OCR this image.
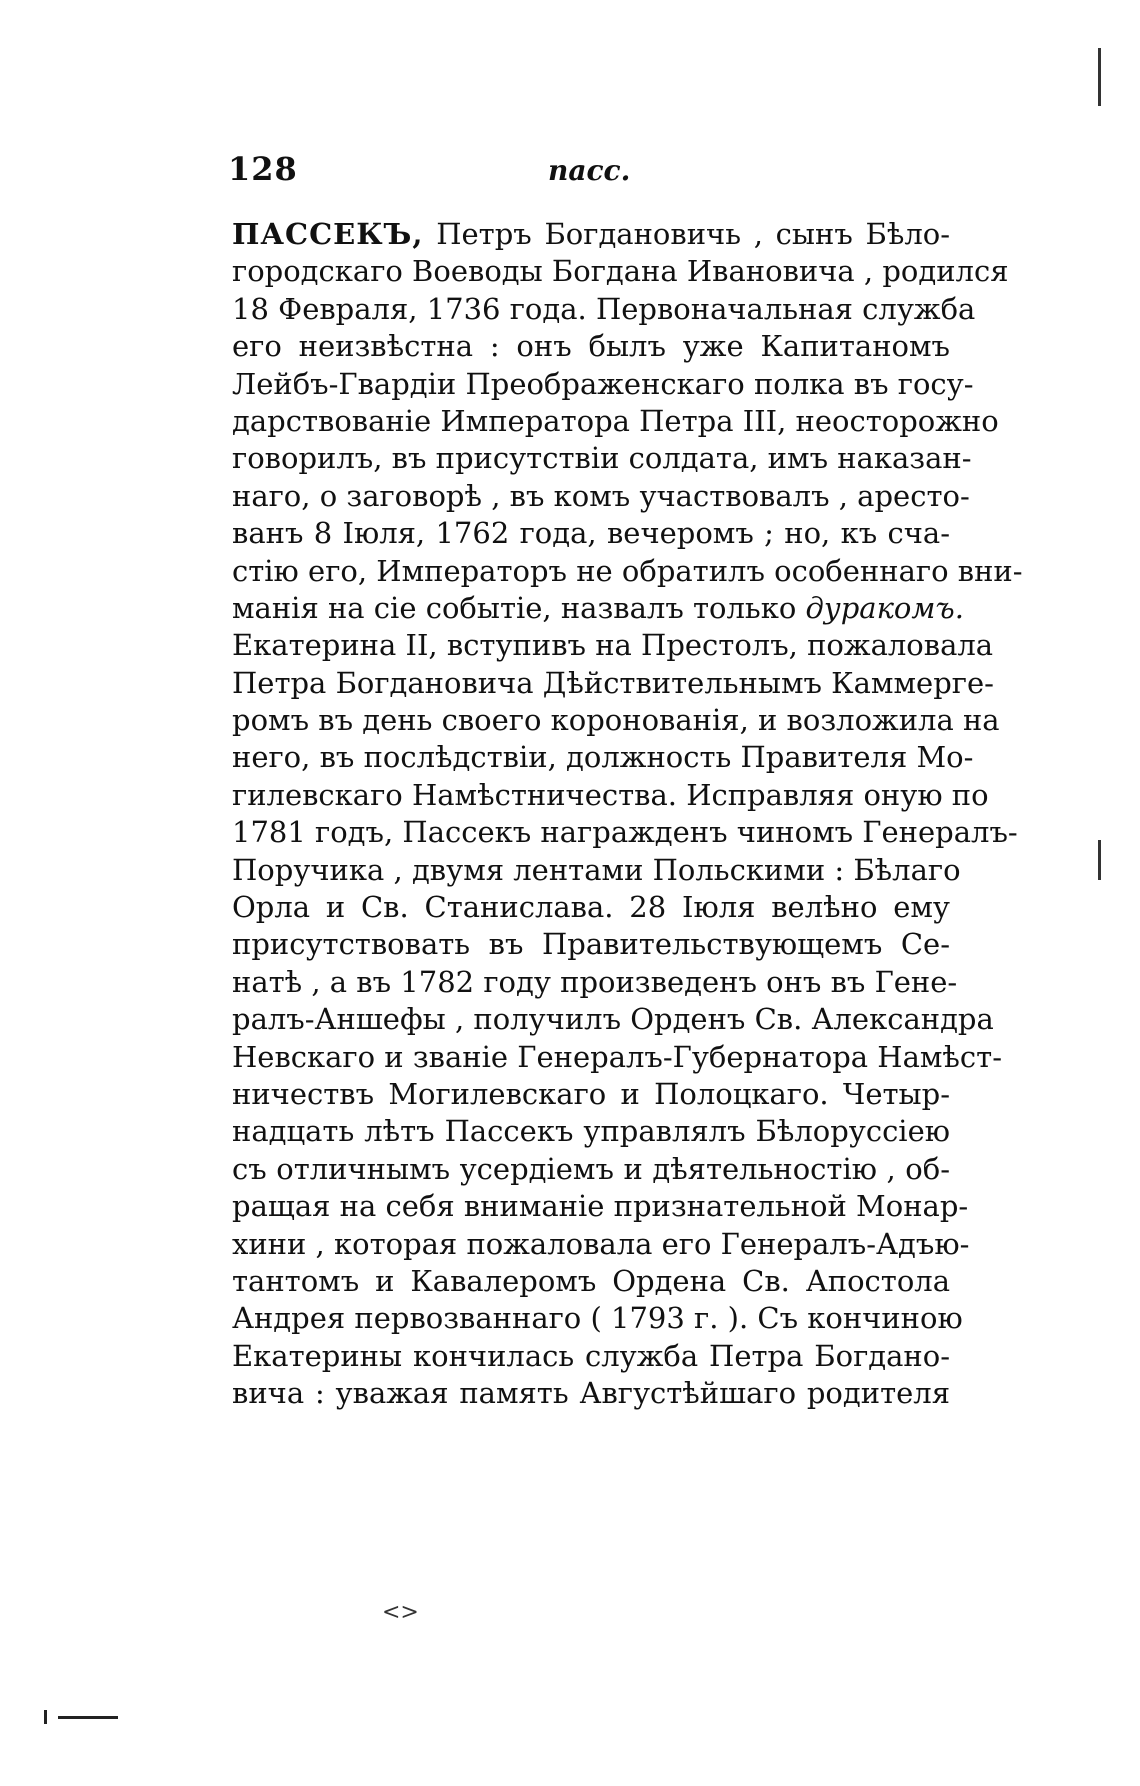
128	пасс.
ПАССЕКЪ, Петръ Богдановичь , сынъ Бѣло-
городскаго Воеводы Богдана Ивановича , родился
18 Февраля, 1736 года. Первоначальная служба
его неизвѣстна : онъ былъ уже Капитаномъ
Лейбъ-Гвардіи Преображенскаго полка въ госу-
дарствованіе Императора Петра III, неосторожно
говорилъ, въ присутствіи солдата, имъ наказан-
наго, о заговорѣ , въ комъ участвовалъ , аресто-
ванъ 8 Іюля, 1762 года, вечеромъ ; но, къ сча-
стію его, Императоръ не обратилъ особеннаго вни-
манія на сіе событіе, назвалъ только дуракомъ.
Екатерина II, вступивъ на Престолъ, пожаловала
Петра Богдановича Дѣйствительнымъ Каммерге-
ромъ въ день своего коронованія, и возложила на
него, въ послѣдствіи, должность Правителя Мо-
гилевскаго Намѣстничества. Исправляя оную по
1781 годъ, Пассекъ награжденъ чиномъ Генералъ-
Поручика , двумя лентами Польскими : Бѣлаго
Орла и Св. Станислава. 28 Іюля велѣно ему
присутствовать въ Правительствующемъ Се-
натѣ , а въ 1782 году произведенъ онъ въ Гене-
ралъ-Аншефы , получилъ Орденъ Св. Александра
Невскаго и званіе Генералъ-Губернатора Намѣст-
ничествъ Могилевскаго и Полоцкаго. Четыр-
надцать лѣтъ Пассекъ управлялъ Бѣлоруссіею
съ отличнымъ усердіемъ и дѣятельностію , об-
ращая на себя вниманіе признательной Монар-
хини , которая пожаловала его Генералъ-Адъю-
тантомъ и Кавалеромъ Ордена Св. Апостола
Андрея первозваннаго ( 1793 г. ). Съ кончиною
Екатерины кончилась служба Петра Богдано-
вича : уважая память Августѣйшаго родителя
<>
